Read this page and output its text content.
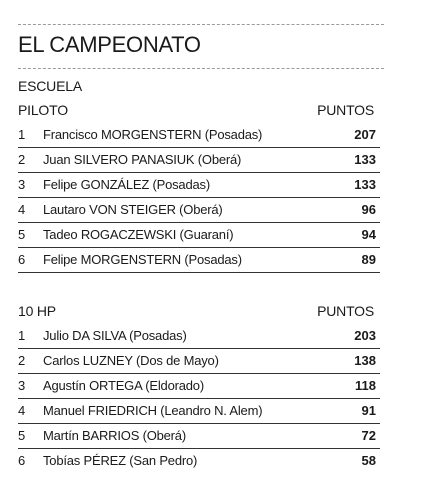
EL CAMPEONATO
ESCUELA
PILOTO	PUNTOS
1	Francisco MORGENSTERN (Posadas)	207
2	Juan SILVERO PANASIUK (Oberá)	133
3	Felipe GONZÁLEZ (Posadas)	133
4	Lautaro VON STEIGER (Oberá)	96
5	Tadeo ROGACZEWSKI (Guaraní)	94
6	Felipe MORGENSTERN (Posadas)	89
10 HP	PUNTOS
1	Julio DA SILVA (Posadas)	203
2	Carlos LUZNEY (Dos de Mayo)	138
3	Agustín ORTEGA (Eldorado)	118
4	Manuel FRIEDRICH (Leandro N. Alem)	91
5	Martín BARRIOS (Oberá)	72
6	Tobías PÉREZ (San Pedro)	58
